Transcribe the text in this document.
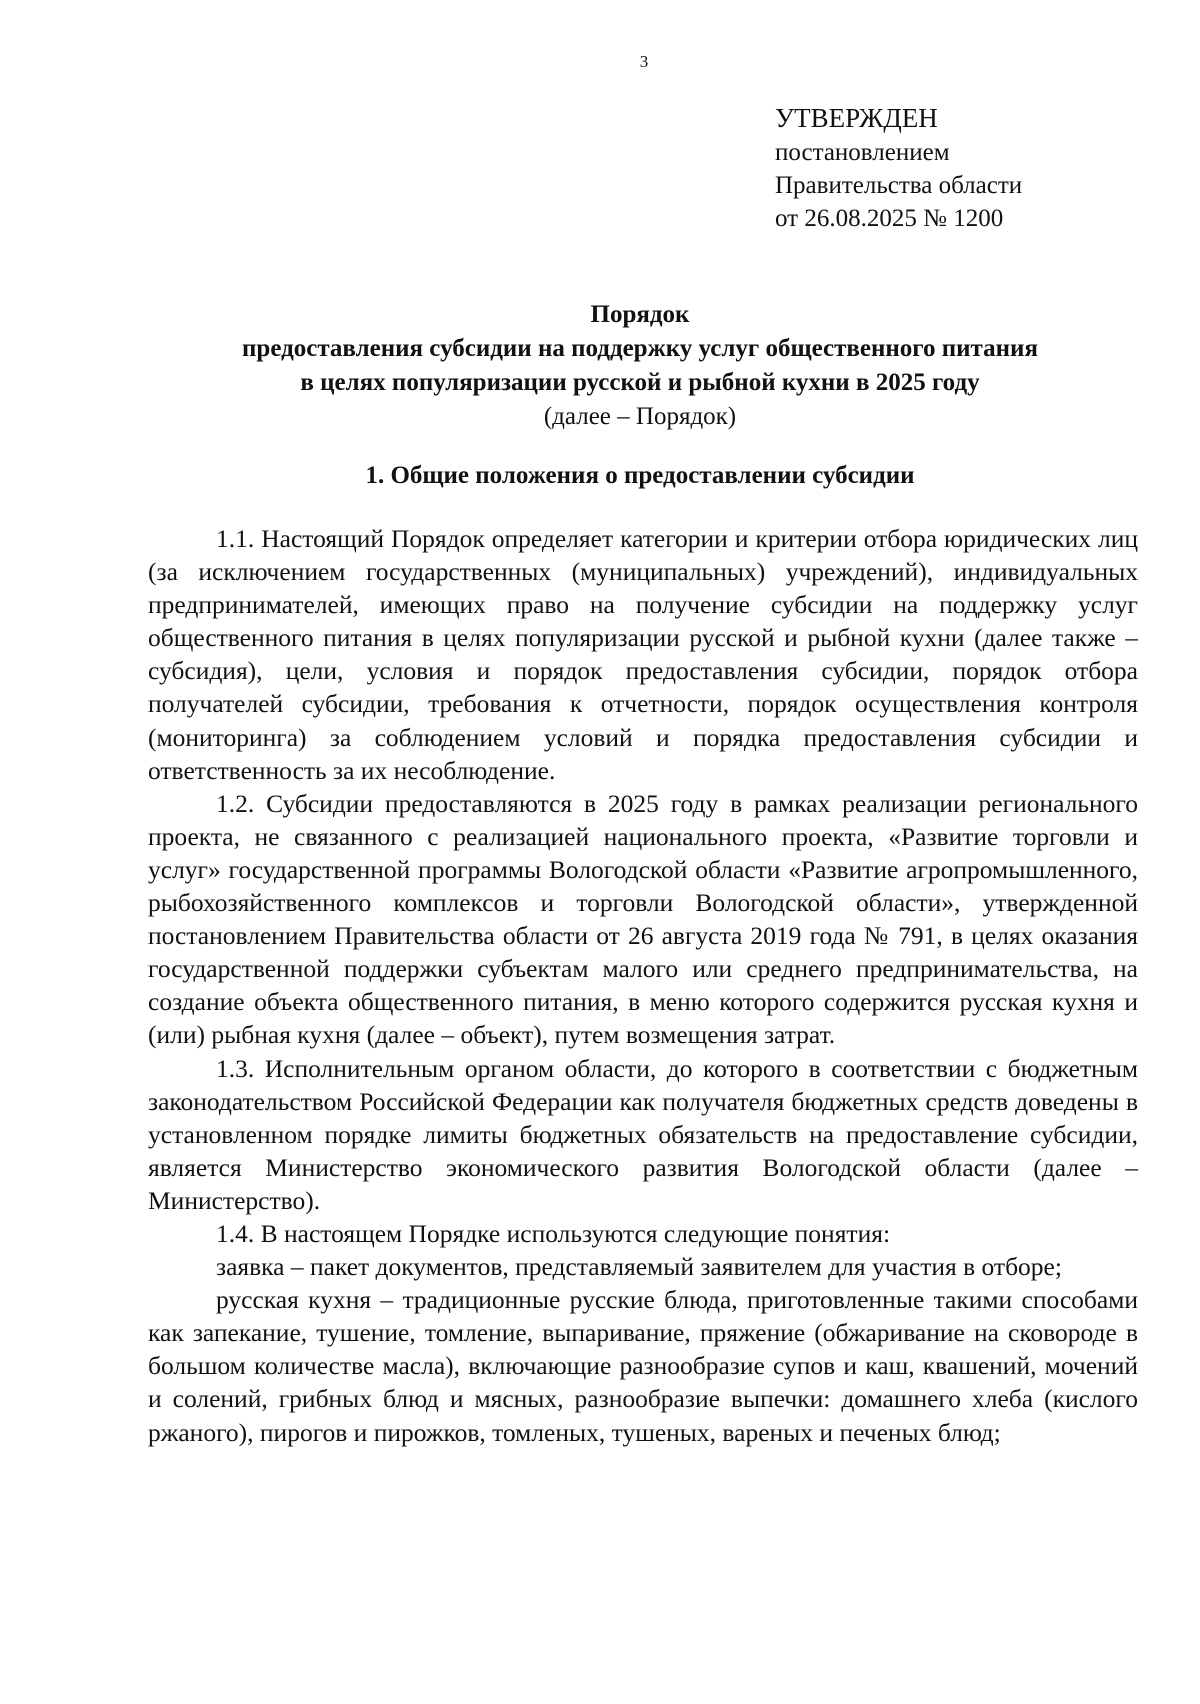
3
УТВЕРЖДЕН
постановлением
Правительства области
от 26.08.2025 № 1200
Порядок
предоставления субсидии на поддержку услуг общественного питания
в целях популяризации русской и рыбной кухни в 2025 году
(далее – Порядок)
1. Общие положения о предоставлении субсидии

1.1. Настоящий Порядок определяет категории и критерии отбора юридических лиц (за исключением государственных (муниципальных) учреждений), индивидуальных предпринимателей, имеющих право на получение субсидии на поддержку услуг общественного питания в целях популяризации русской и рыбной кухни (далее также – субсидия), цели, условия и порядок предоставления субсидии, порядок отбора получателей субсидии, требования к отчетности, порядок осуществления контроля (мониторинга) за соблюдением условий и порядка предоставления субсидии и ответственность за их несоблюдение.

1.2. Субсидии предоставляются в 2025 году в рамках реализации регионального проекта, не связанного с реализацией национального проекта, «Развитие торговли и услуг» государственной программы Вологодской области «Развитие агропромышленного, рыбохозяйственного комплексов и торговли Вологодской области», утвержденной постановлением Правительства области от 26 августа 2019 года № 791, в целях оказания государственной поддержки субъектам малого или среднего предпринимательства, на создание объекта общественного питания, в меню которого содержится русская кухня и (или) рыбная кухня (далее – объект), путем возмещения затрат.

1.3. Исполнительным органом области, до которого в соответствии с бюджетным законодательством Российской Федерации как получателя бюджетных средств доведены в установленном порядке лимиты бюджетных обязательств на предоставление субсидии, является Министерство экономического развития Вологодской области (далее – Министерство).

1.4. В настоящем Порядке используются следующие понятия:

заявка – пакет документов, представляемый заявителем для участия в отборе;

русская кухня – традиционные русские блюда, приготовленные такими способами как запекание, тушение, томление, выпаривание, пряжение (обжаривание на сковороде в большом количестве масла), включающие разнообразие супов и каш, квашений, мочений и солений, грибных блюд и мясных, разнообразие выпечки: домашнего хлеба (кислого ржаного), пирогов и пирожков, томленых, тушеных, вареных и печеных блюд;
